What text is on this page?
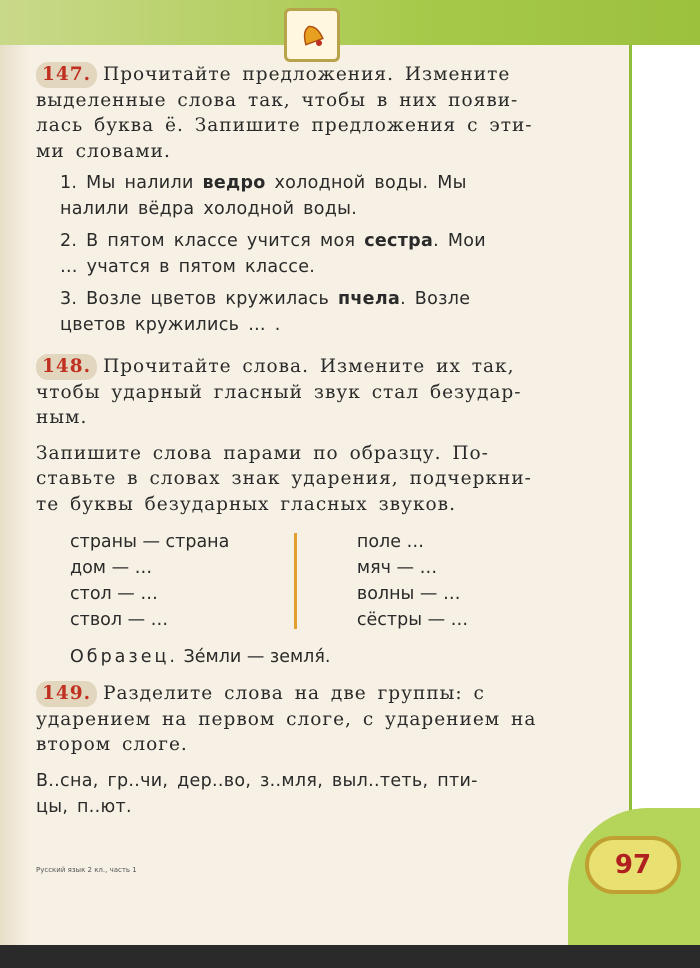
97

147. Прочитайте предложения. Измените

выделенные слова так, чтобы в них появи-

лась буква ё. Запишите предложения с эти-

ми словами.

1. Мы налили ведро холодной воды. Мы
налили вёдра холодной воды.
2. В пятом классе учится моя сестра. Мои
… учатся в пятом классе.
3. Возле цветов кружилась пчела. Возле
цветов кружились … .

148. Прочитайте слова. Измените их так,

чтобы ударный гласный звук стал безудар-

ным.

Запишите слова парами по образцу. По-

ставьте в словах знак ударения, подчеркни-

те буквы безударных гласных звуков.

страны — страна
дом — …
стол — …
ствол — …
поле …
мяч — …
волны — …
сёстры — …
Образец. Зе́мли — земля́.

149. Разделите слова на две группы: с

ударением на первом слоге, с ударением на

втором слоге.

В..сна, гр..чи, дер..во, з..мля, выл..теть, пти-
цы, п..ют.
Русский язык 2 кл., часть 1
